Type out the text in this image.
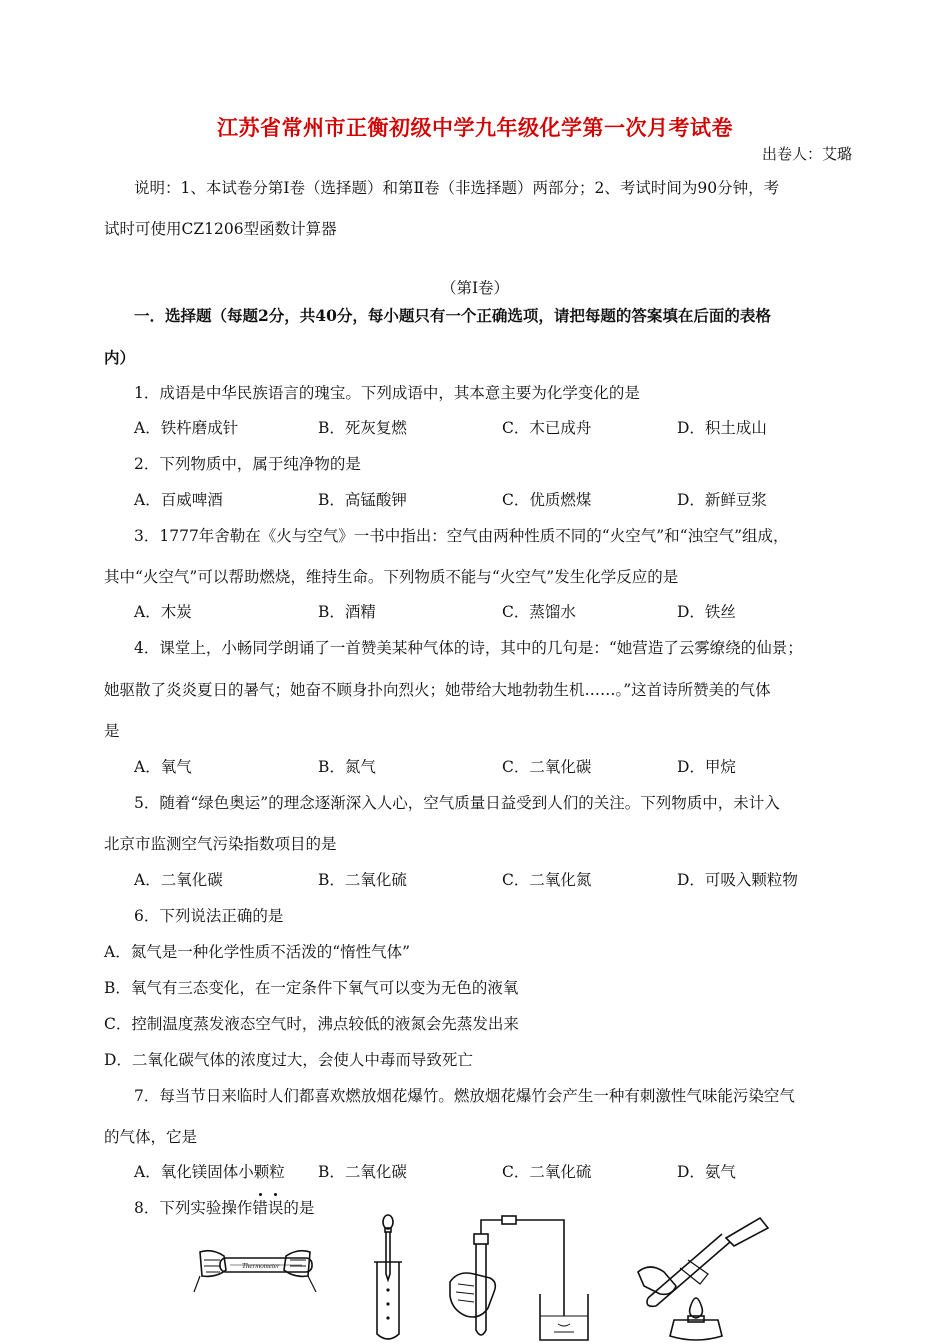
江苏省常州市正衡初级中学九年级化学第一次月考试卷
出卷人：艾璐
说明：1、本试卷分第Ⅰ卷（选择题）和第Ⅱ卷（非选择题）两部分；2、考试时间为90分钟，考
试时可使用CZ1206型函数计算器
（第Ⅰ卷）
一．选择题（每题2分，共40分，每小题只有一个正确选项，请把每题的答案填在后面的表格
内）
1．成语是中华民族语言的瑰宝。下列成语中，其本意主要为化学变化的是
A．铁杵磨成针	B．死灰复燃	C．木已成舟	D．积土成山
2．下列物质中，属于纯净物的是
A．百威啤酒	B．高锰酸钾	C．优质燃煤	D．新鲜豆浆
3．1777年舍勒在《火与空气》一书中指出：空气由两种性质不同的“火空气”和“浊空气”组成，
其中“火空气”可以帮助燃烧，维持生命。下列物质不能与“火空气”发生化学反应的是
A．木炭	B．酒精	C．蒸馏水	D．铁丝
4．课堂上，小畅同学朗诵了一首赞美某种气体的诗，其中的几句是：“她营造了云雾缭绕的仙景；
她驱散了炎炎夏日的暑气；她奋不顾身扑向烈火；她带给大地勃勃生机……。”这首诗所赞美的气体
是
A．氧气	B．氮气	C．二氧化碳	D．甲烷
5．随着“绿色奥运”的理念逐渐深入人心，空气质量日益受到人们的关注。下列物质中，未计入
北京市监测空气污染指数项目的是
A．二氧化碳	B．二氧化硫	C．二氧化氮	D．可吸入颗粒物
6．下列说法正确的是
A．氮气是一种化学性质不活泼的“惰性气体”
B．氧气有三态变化，在一定条件下氧气可以变为无色的液氧
C．控制温度蒸发液态空气时，沸点较低的液氮会先蒸发出来
D．二氧化碳气体的浓度过大，会使人中毒而导致死亡
7．每当节日来临时人们都喜欢燃放烟花爆竹。燃放烟花爆竹会产生一种有刺激性气味能污染空气
的气体，它是
A．氧化镁固体小颗粒 B．二氧化碳	C．二氧化硫	D．氨气
8．下列实验操作错误的是
Thermometer
